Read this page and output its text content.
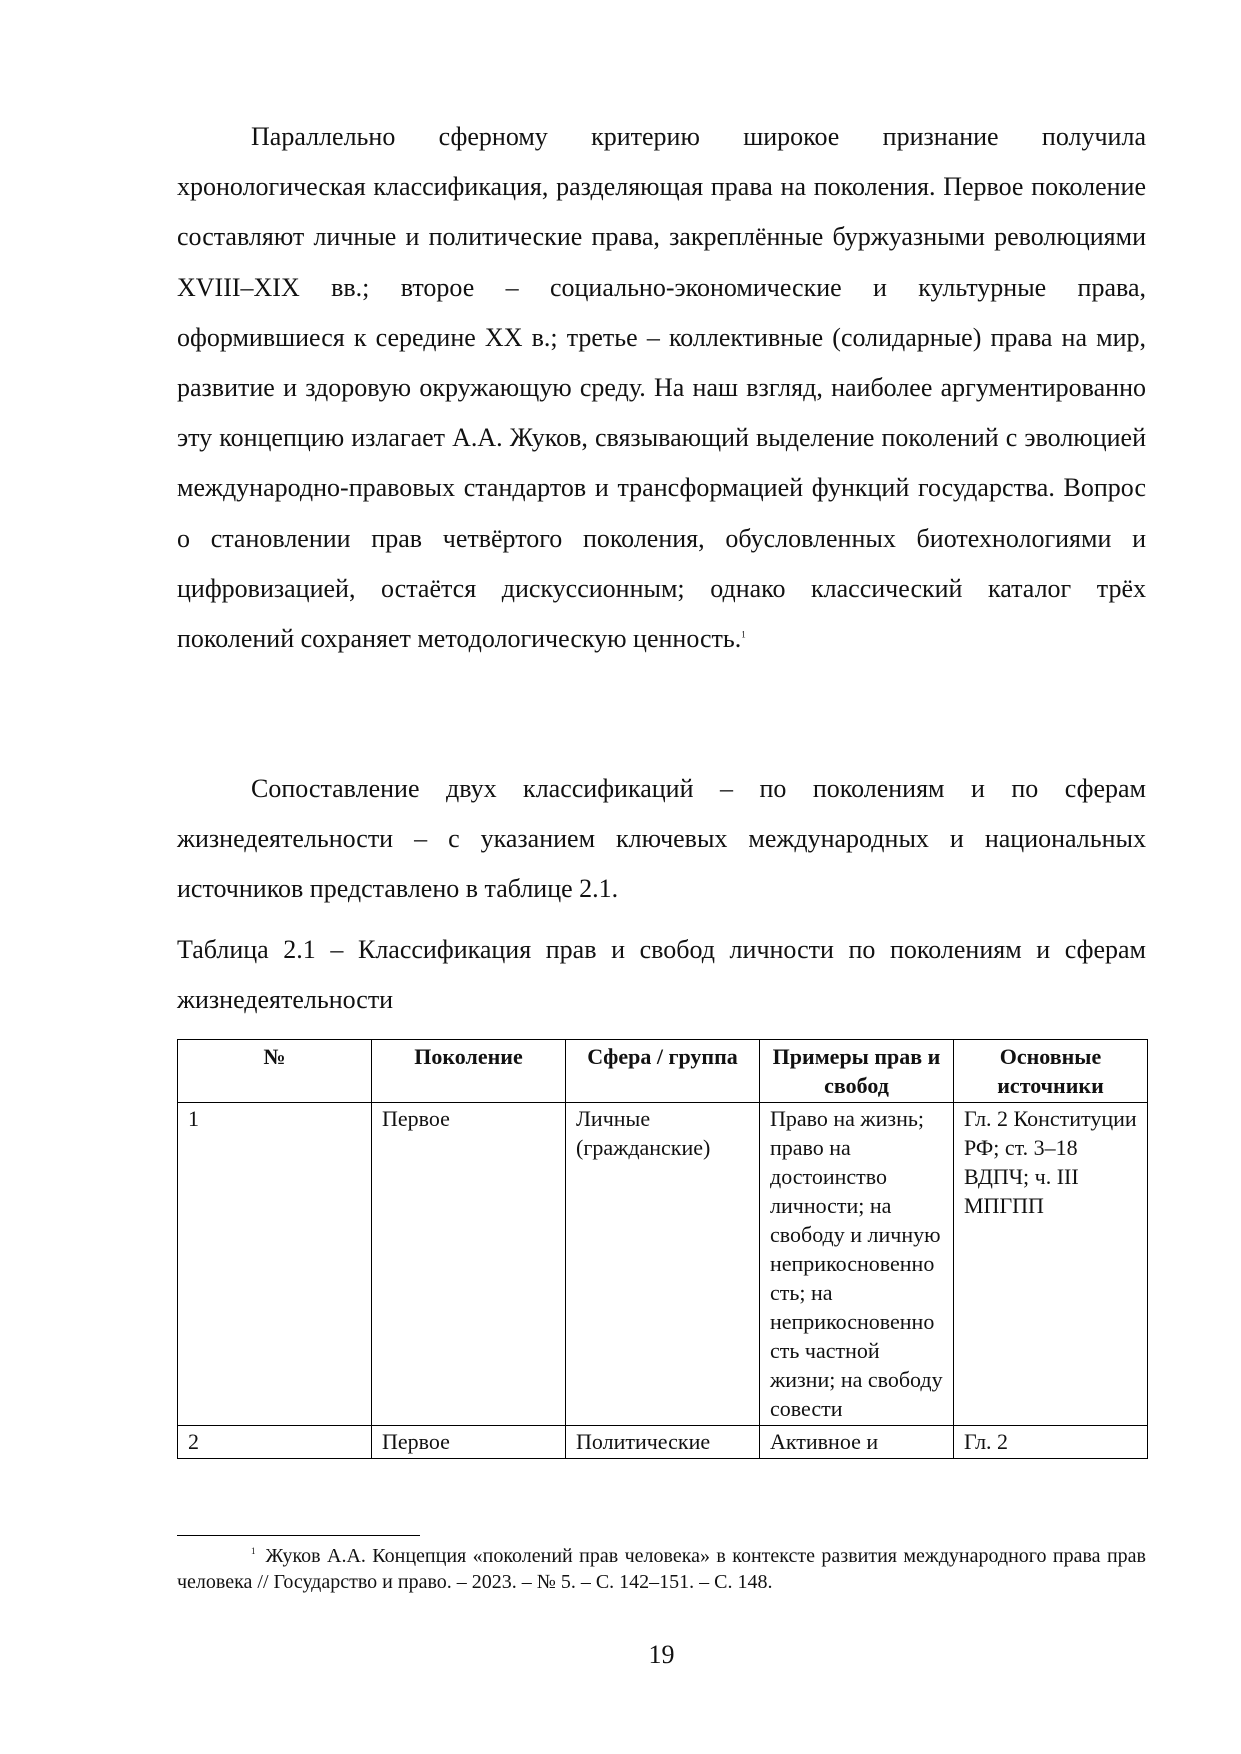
Параллельно сферному критерию широкое признание получила хронологическая классификация, разделяющая права на поколения. Первое поколение составляют личные и политические права, закреплённые буржуазными революциями XVIII–XIX вв.; второе – социально-экономические и культурные права, оформившиеся к середине XX в.; третье – коллективные (солидарные) права на мир, развитие и здоровую окружающую среду. На наш взгляд, наиболее аргументированно эту концепцию излагает А.А. Жуков, связывающий выделение поколений с эволюцией международно-правовых стандартов и трансформацией функций государства. Вопрос о становлении прав четвёртого поколения, обусловленных биотехнологиями и цифровизацией, остаётся дискуссионным; однако классический каталог трёх поколений сохраняет методологическую ценность.$^1$

Сопоставление двух классификаций – по поколениям и по сферам жизнедеятельности – с указанием ключевых международных и национальных источников представлено в таблице 2.1.

Таблица 2.1 – Классификация прав и свобод личности по поколениям и сферам жизнедеятельности

№	Поколение	Сфера / группа	Примеры прав и свобод	Основные источники
1	Первое	Личные (гражданские)	Право на жизнь; право на достоинство личности; на свободу и личную неприкосновенность; на неприкосновенность частной жизни; на свободу совести	Гл. 2 Конституции РФ; ст. 3–18 ВДПЧ; ч. III МПГПП
2	Первое	Политические	Активное и	Гл. 2

$^1$ Жуков А.А. Концепция «поколений прав человека» в контексте развития международного права прав человека // Государство и право. – 2023. – № 5. – С. 142–151. – С. 148.

19
